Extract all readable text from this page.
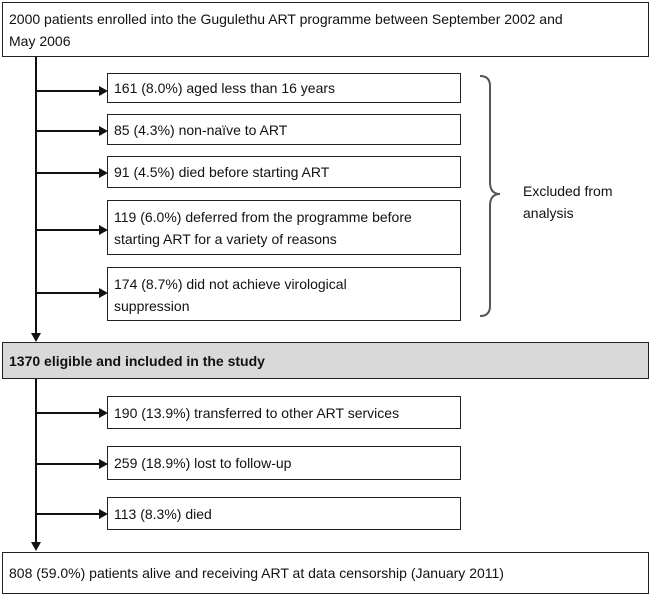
2000 patients enrolled into the Gugulethu ART programme between September 2002 and
May 2006
161 (8.0%) aged less than 16 years
85 (4.3%) non-naïve to ART
91 (4.5%) died before starting ART
119 (6.0%) deferred from the programme before
starting ART for a variety of reasons
174 (8.7%) did not achieve virological
suppression
Excluded from
analysis
1370 eligible and included in the study
190 (13.9%) transferred to other ART services
259 (18.9%) lost to follow-up
113 (8.3%) died
808 (59.0%) patients alive and receiving ART at data censorship (January 2011)
